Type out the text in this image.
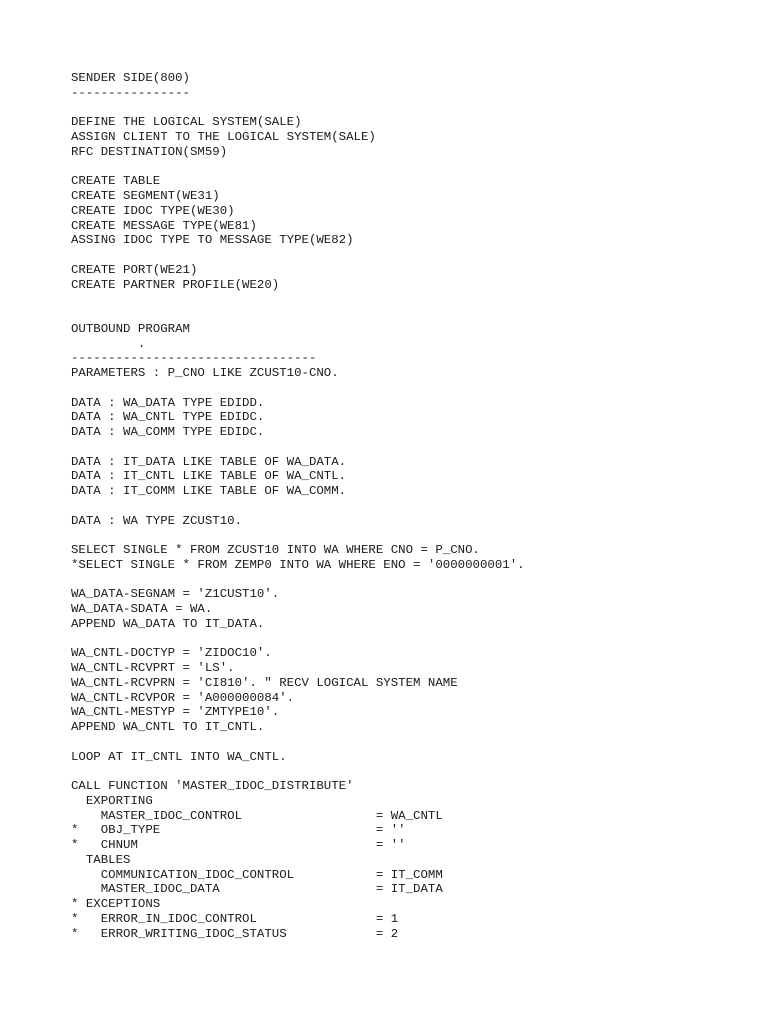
SENDER SIDE(800)
----------------
DEFINE THE LOGICAL SYSTEM(SALE)
ASSIGN CLIENT TO THE LOGICAL SYSTEM(SALE)
RFC DESTINATION(SM59)
CREATE TABLE
CREATE SEGMENT(WE31)
CREATE IDOC TYPE(WE30)
CREATE MESSAGE TYPE(WE81)
ASSING IDOC TYPE TO MESSAGE TYPE(WE82)
CREATE PORT(WE21)
CREATE PARTNER PROFILE(WE20)
OUTBOUND PROGRAM
.
---------------------------------
PARAMETERS : P_CNO LIKE ZCUST10-CNO.
DATA : WA_DATA TYPE EDIDD.
DATA : WA_CNTL TYPE EDIDC.
DATA : WA_COMM TYPE EDIDC.
DATA : IT_DATA LIKE TABLE OF WA_DATA.
DATA : IT_CNTL LIKE TABLE OF WA_CNTL.
DATA : IT_COMM LIKE TABLE OF WA_COMM.
DATA : WA TYPE ZCUST10.
SELECT SINGLE * FROM ZCUST10 INTO WA WHERE CNO = P_CNO.
*SELECT SINGLE * FROM ZEMP0 INTO WA WHERE ENO = '0000000001'.
WA_DATA-SEGNAM = 'Z1CUST10'.
WA_DATA-SDATA = WA.
APPEND WA_DATA TO IT_DATA.
WA_CNTL-DOCTYP = 'ZIDOC10'.
WA_CNTL-RCVPRT = 'LS'.
WA_CNTL-RCVPRN = 'CI810'. " RECV LOGICAL SYSTEM NAME
WA_CNTL-RCVPOR = 'A000000084'.
WA_CNTL-MESTYP = 'ZMTYPE10'.
APPEND WA_CNTL TO IT_CNTL.
LOOP AT IT_CNTL INTO WA_CNTL.
CALL FUNCTION 'MASTER_IDOC_DISTRIBUTE'
EXPORTING
MASTER_IDOC_CONTROL                  = WA_CNTL
*   OBJ_TYPE                             = ''
*   CHNUM                                = ''
TABLES
COMMUNICATION_IDOC_CONTROL           = IT_COMM
MASTER_IDOC_DATA                     = IT_DATA
* EXCEPTIONS
*   ERROR_IN_IDOC_CONTROL                = 1
*   ERROR_WRITING_IDOC_STATUS            = 2
